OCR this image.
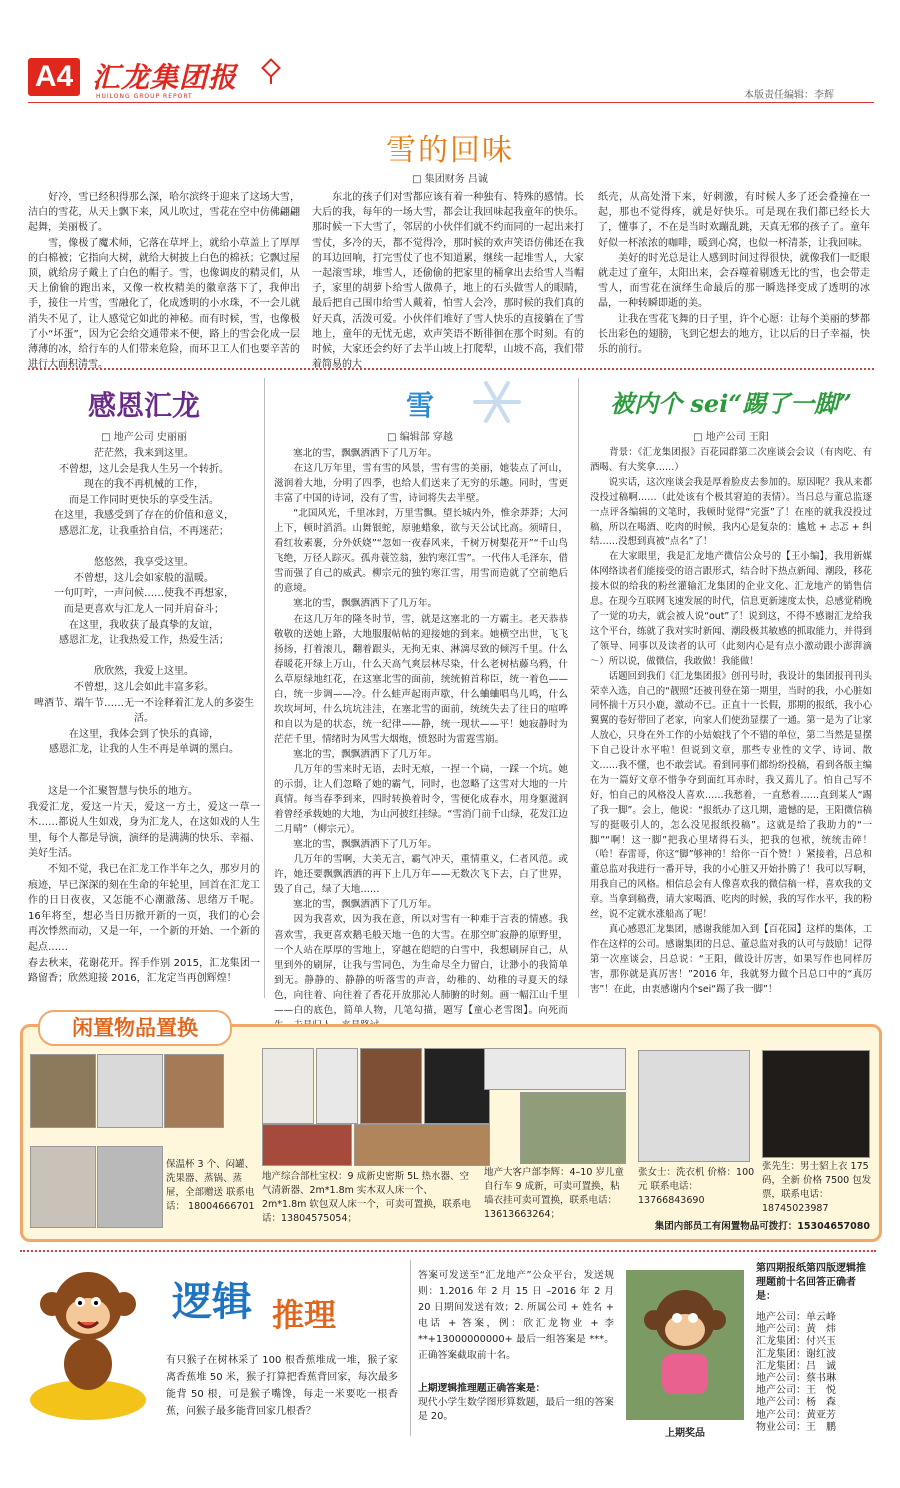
A4 汇龙集团报
HUILONG GROUP REPORT	本版责任编辑：李辉
雪的回味
□ 集团财务 吕诚
　　好冷，雪已经积得那么深，哈尔滨终于迎来了这场大雪，洁白的雪花，从天上飘下来，风儿吹过，雪花在空中仿佛翩翩起舞，美丽极了。
　　雪，像极了魔术师，它落在草坪上，就给小草盖上了厚厚的白棉被；它指向大树，就给大树披上白色的棉袄；它飘过屋顶，就给房子戴上了白色的帽子。雪，也像调皮的精灵们，从天上偷偷的跑出来，又像一枚枚精美的徽章落下了，我伸出手，接住一片雪，雪融化了，化成透明的小水珠，不一会儿就消失不见了，让人感觉它如此的神秘。而有时候，雪，也像极了小“坏蛋”，因为它会给交通带来不便，路上的雪会化成一层薄薄的冰，给行车的人们带来危险，而环卫工人们也要辛苦的进行大面积清雪。
　　东北的孩子们对雪都应该有着一种独有、特殊的感情。长大后的我，每年的一场大雪，都会让我回味起我童年的快乐。那时候一下大雪了，邻居的小伙伴们就不约而同的一起出来打雪仗，多冷的天，都不觉得冷，那时候的欢声笑语仿佛还在我的耳边回响，打完雪仗了也不知道累，继续一起堆雪人，大家一起滚雪球，堆雪人，还偷偷的把家里的桶拿出去给雪人当帽子，家里的胡萝卜给雪人做鼻子，地上的石头做雪人的眼睛，最后把自己围巾给雪人戴着，怕雪人会冷，那时候的我们真的好天真，活泼可爱。小伙伴们堆好了雪人快乐的直接躺在了雪地上，童年的无忧无虑，欢声笑语不断徘徊在那个时刻。有的时候，大家还会约好了去半山坡上打爬犁，山坡不高，我们带着简易的大
纸壳，从高处滑下来，好刺激，有时候人多了还会叠撞在一起，那也不觉得疼，就是好快乐。可是现在我们都已经长大了，懂事了，不在是当时欢蹦乱跳，天真无邪的孩子了。童年好似一杯浓浓的咖啡，暖到心窝，也似一杯清茶，让我回味。
　　美好的时光总是让人感到时间过得很快，就像我们一眨眼就走过了童年，太阳出来，会吞噬着剔透无比的雪，也会带走雪人，而雪花在演绎生命最后的那一瞬选择变成了透明的冰晶，一种转瞬即逝的美。
　　让我在雪花飞舞的日子里，许个心愿：让每个美丽的梦都长出彩色的翅膀，飞到它想去的地方，让以后的日子幸福，快乐的前行。
感恩汇龙
□ 地产公司 史丽丽
茫茫然，我来到这里。
不曾想，这儿会是我人生另一个转折。
现在的我不再机械的工作，
而是工作同时更快乐的享受生活。
在这里，我感受到了存在的价值和意义，
感恩汇龙，让我重拾自信，不再迷茫；

悠悠然，我享受这里。
不曾想，这儿会如家般的温暖。
一句叮咛，一声问候……使我不再想家，
而是更喜欢与汇龙人一同并肩奋斗；
在这里，我收获了最真挚的友谊，
感恩汇龙，让我热爱工作，热爱生活；

欣欣然，我爱上这里。
不曾想，这儿会如此丰富多彩。
啤酒节、端午节……无一不诠释着汇龙人的多姿生活。
在这里，我体会到了快乐的真谛，
感恩汇龙，让我的人生不再是单调的黑白。
　　这是一个汇聚智慧与快乐的地方。
我爱汇龙，爱这一片天，爱这一方土，爱这一草一木……都说人生如戏，身为汇龙人，在这如戏的人生里，每个人都是导演，演绎的是满满的快乐、幸福、美好生活。
　　不知不觉，我已在汇龙工作半年之久，那岁月的痕迹，早已深深的刻在生命的年轮里，回首在汇龙工作的日日夜夜，又怎能不心潮澈荡、思绪万千呢。16年将至，想必当日历掀开新的一页，我们的心会再次悸然而动，又是一年，一个新的开始、一个新的起点……
春去秋来，花谢花开。挥手作别 2015，汇龙集团一路留香；欣然迎接 2016，汇龙定当再创辉煌！
雪
□ 编辑部 穿越
　　塞北的雪，飘飘洒洒下了几万年。
　　在这几万年里，雪有雪的风景，雪有雪的美丽，她装点了河山，滋润着大地，分明了四季，也给人们送来了无穷的乐趣。同时，雪更丰富了中国的诗词，没有了雪，诗词将失去半壁。
　　“北国风光，千里冰封，万里雪飘。望长城内外，惟余莽莽；大河上下，顿时滔滔。山舞银蛇，原驰蜡象，欲与天公试比高。须晴日，看红妆素裹，分外妖娆”“忽如一夜春风来，千树万树梨花开”“千山鸟飞绝，万径人踪灭。孤舟蓑笠翁，独钓寒江雪”。一代伟人毛泽东，借雪而强了自己的威武。柳宗元的独钓寒江雪，用雪而造就了空前绝后的意境。
　　塞北的雪，飘飘洒洒下了几万年。
　　在这几万年的隆冬时节，雪，就是这塞北的一方霸主。老天恭恭敬敬的送她上路，大地服服帖帖的迎接她的到来。她横空出世，飞飞扬扬，打着滚儿，翻着跟头，无拘无束、淋漓尽致的倾泻千里。什么春暖花开绿上万山，什么天高气爽层林尽染，什么老树枯藤乌鸦，什么草原绿地红花，在这塞北雪的面前，统统俯首称臣，统一着色——白，统一步调——冷。什么蛙声起雨声歇，什么蛐蛐唱鸟儿鸣，什么坎坎坷坷，什么坑坑洼洼，在塞北雪的面前，统统失去了往日的喧哗和自以为是的状态，统一纪律——静，统一现状——平！她寂静时为茫茫千里，情绪时为风雪大烟炮，愤怒时为雷霆雪崩。
　　塞北的雪，飘飘洒洒下了几万年。
　　几万年的雪来时无语，去时无痕，一捏一个扁，一踩一个坑。她的示弱，让人们忽略了她的霸气，同时，也忽略了这雪对大地的一片真情。每当春季到来，四时转换着时令，雪便化成春水，用身躯滋润着曾经承载她的大地，为山河披红挂绿。“雪消门前千山绿，花发江边二月晴”（柳宗元）。
　　塞北的雪，飘飘洒洒下了几万年。
　　几万年的雪啊，大美无言，霸气冲天，重情重义，仁者风范。或许，她还要飘飘洒洒的再下上几万年——无数次飞下去，白了世界，毁了自己，绿了大地……
　　塞北的雪，飘飘洒洒下了几万年。
　　因为我喜欢，因为我在意，所以对雪有一种难于言表的情感。我喜欢雪，我更喜欢鹅毛般天地一色的大雪。在那空旷寂静的原野里，一个人站在厚厚的雪地上，穿越在皑皑的白雪中，我想刷屏自己，从里到外的刷屏，让我与雪同色，为生命尽全力留白，让渺小的我简单到无。静静的、静静的听落雪的声音，幼稚的、幼稚的寻夏天的绿色，向往着、向往着了香花开放那沁人肺腑的时刻。画一幅江山千里——白的底色，简单人物，几笔勾描，题写【童心老雪图】。向死而
被内个 sei“踢了一脚”
□ 地产公司 王阳
　　背景：《汇龙集团报》百花园群第二次座谈会会议（有肉吃、有酒喝、有大奖拿……）
　　说实话，这次座谈会我是厚着脸皮去参加的。原因呢？我从来都没投过稿啊……（此处该有个极其窘迫的表情）。当吕总与董总监逐一点评各编辑的文笔时，我顿时觉得“完蛋”了！在座的就我没投过稿，所以在喝酒、吃肉的时候，我内心是复杂的：尴尬 + 忐忑 + 纠结……没想到真被“点名”了！
　　在大家眼里，我是汇龙地产微信公众号的【王小编】，我用新媒体网络读者们能接受的语言跟形式，结合时下热点新闻、潮段，移花接木似的给我的粉丝灌输汇龙集团的企业文化、汇龙地产的销售信息。在现今互联网飞速发展的时代，信息更新速度太快，总感觉稍晚了一觉的功夫，就会被人说“out”了！说到这，不得不感谢汇龙给我这个平台，练就了我对实时新闻、潮段极其敏感的抓取能力，并得到了领导、同事以及读者的认可（此刻内心是有点小激动跟小澎湃滴～）所以说，做微信，我敢做！我能做！
　　话题回到我们《汇龙集团报》创刊号时，我设计的集团报刊刊头荣幸入选，自己的“靓照”还被刊登在第一期里，当时的我，小心脏如同怀揣十万只小鹿，激动不已。正直十一长假，那期的报纸，我小心翼翼的卷好带回了老家，向家人们使劲显摆了一通。第一是为了让家人放心，只身在外工作的小姑娘找了个不错的单位，第二当然是显摆下自己设计水平啦！但说到文章，那些专业性的文学、诗词、散文……我不懂，也不敢尝试。看到同事们都纷纷投稿，看到各版主编在为一篇好文章不惜争夺到面红耳赤时，我又蔫儿了。怕自己写不好，怕自己的风格没人喜欢……我愁着，一直愁着……直到某人“踢了我一脚”。会上，他说：“报纸办了这几期，遗憾的是，王阳微信稿写的挺吸引人的，怎么没见报纸投稿”。这就是给了我助力的“一脚”“啊！这一脚”把我心里堵得石头，把我的包袱，统统击碎！（哈！春雷哥，你这“脚”够神的！给你一百个赞！）紧接着，吕总和董总监对我进行一番开导，我的小心脏又开始扑腾了！我可以写啊，用我自己的风格。相信总会有人像喜欢我的微信稿一样，喜欢我的文章。当拿到稿费，请大家喝酒、吃肉的时候，我的写作水平，我的粉丝，说不定就水涨船高了呢！
　　真心感恩汇龙集团，感谢我能加入到【百花园】这样的集体，工作在这样的公司。感谢集团的吕总、董总监对我的认可与鼓励！记得第一次座谈会，吕总说：“王阳，做设计厉害，如果写作也同样厉害，那你就是真厉害！”2016 年，我就努力做个吕总口中的“真厉害”！在此，由衷感谢内个sei“踢了我一脚”！
闲置物品置换
保温杯 3 个、闷罐、洗果器、蒸锅、蒸屉，全部赠送 联系电话： 18004666701
地产综合部杜宝权：9 成新史密斯 5L 热水器、空气清新器、2m*1.8m 实木双人床一个、2m*1.8m 软包双人床一个，可卖可置换，联系电话：13804575054；
地产大客户部李辉：4–10 岁儿童自行车 9 成新，可卖可置换，粘墙衣挂可卖可置换，联系电话：13613663264；
张女士：洗衣机 价格：100 元 联系电话：13766843690
张先生：男士貂上衣 175 码，全新 价格 7500 包发票，联系电话：18745023987
集团内部员工有闲置物品可拨打：15304657080
逻辑 推理
有只猴子在树林采了 100 根香蕉堆成一堆，猴子家离香蕉堆 50 米，猴子打算把香蕉背回家，每次最多能背 50 根，可是猴子嘴馋，每走一米要吃一根香蕉，问猴子最多能背回家几根香？
答案可发送至“汇龙地产”公众平台，发送规则：1.2016 年 2 月 15 日 –2016 年 2 月 20 日期间发送有效；2. 所属公司 + 姓名 + 电话 + 答案，例：欣汇龙物业 + 李 **+13000000000+ 最后一组答案是 ***。正确答案截取前十名。
上期逻辑推理题正确答案是：
现代小学生数学图形算数题，最后一组的答案是 20。
上期奖品
第四期报纸第四版逻辑推理题前十名回答正确者是：
地产公司：单云峰
地产公司：黄　炜
汇龙集团：付兴玉
汇龙集团：谢红波
汇龙集团：吕　诚
地产公司：蔡书琳
地产公司：王　悦
地产公司：杨　森
地产公司：黄亚芳
物业公司：王　鹏
